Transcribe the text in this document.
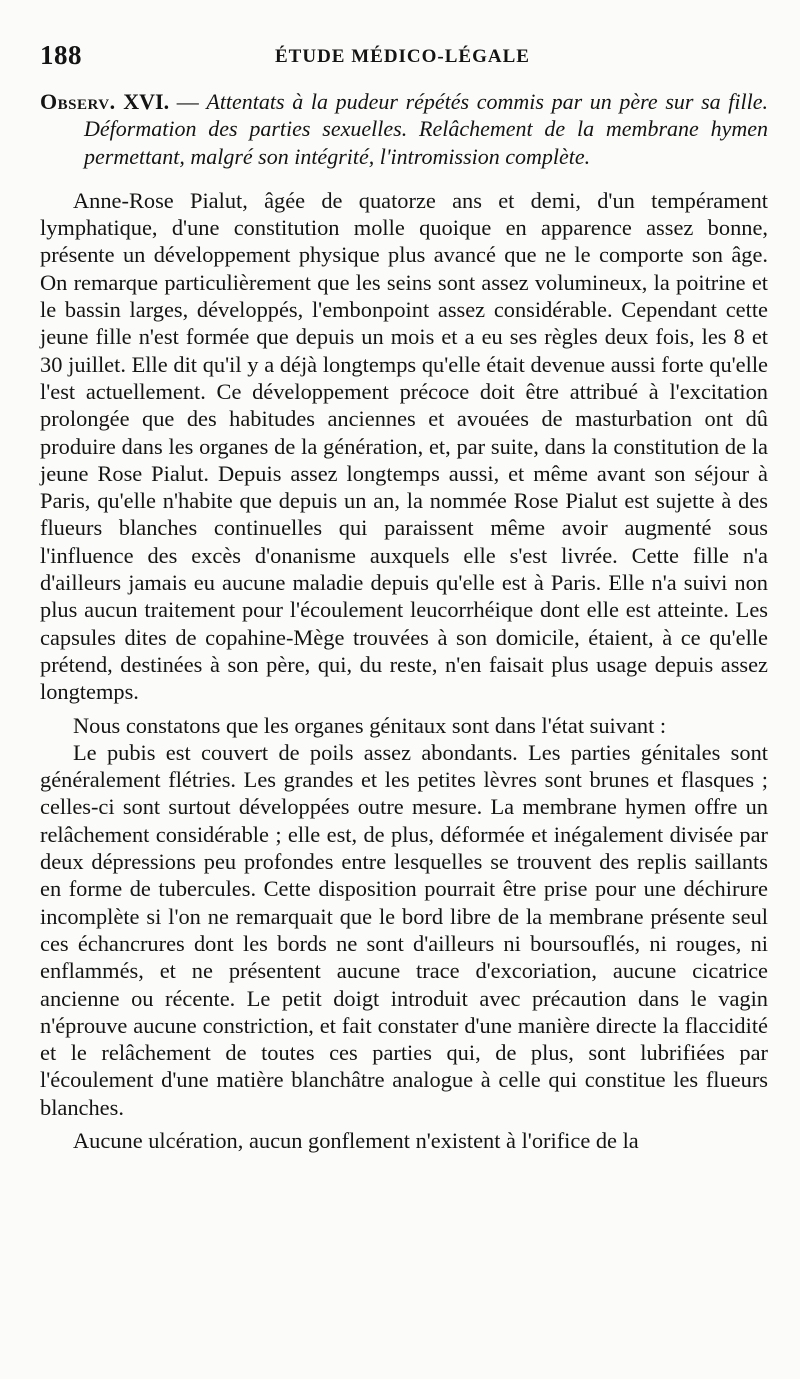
188	ÉTUDE MÉDICO-LÉGALE

Observ. XVI. — Attentats à la pudeur répétés commis par un père sur sa fille. Déformation des parties sexuelles. Relâchement de la membrane hymen permettant, malgré son intégrité, l'intromission complète.

Anne-Rose Pialut, âgée de quatorze ans et demi, d'un tempérament lymphatique, d'une constitution molle quoique en apparence assez bonne, présente un développement physique plus avancé que ne le comporte son âge. On remarque particulièrement que les seins sont assez volumineux, la poitrine et le bassin larges, développés, l'embonpoint assez considérable. Cependant cette jeune fille n'est formée que depuis un mois et a eu ses règles deux fois, les 8 et 30 juillet. Elle dit qu'il y a déjà longtemps qu'elle était devenue aussi forte qu'elle l'est actuellement. Ce développement précoce doit être attribué à l'excitation prolongée que des habitudes anciennes et avouées de masturbation ont dû produire dans les organes de la génération, et, par suite, dans la constitution de la jeune Rose Pialut. Depuis assez longtemps aussi, et même avant son séjour à Paris, qu'elle n'habite que depuis un an, la nommée Rose Pialut est sujette à des flueurs blanches continuelles qui paraissent même avoir augmenté sous l'influence des excès d'onanisme auxquels elle s'est livrée. Cette fille n'a d'ailleurs jamais eu aucune maladie depuis qu'elle est à Paris. Elle n'a suivi non plus aucun traitement pour l'écoulement leucorrhéique dont elle est atteinte. Les capsules dites de copahine-Mège trouvées à son domicile, étaient, à ce qu'elle prétend, destinées à son père, qui, du reste, n'en faisait plus usage depuis assez longtemps.

Nous constatons que les organes génitaux sont dans l'état suivant :

Le pubis est couvert de poils assez abondants. Les parties génitales sont généralement flétries. Les grandes et les petites lèvres sont brunes et flasques ; celles-ci sont surtout développées outre mesure. La membrane hymen offre un relâchement considérable ; elle est, de plus, déformée et inégalement divisée par deux dépressions peu profondes entre lesquelles se trouvent des replis saillants en forme de tubercules. Cette disposition pourrait être prise pour une déchirure incomplète si l'on ne remarquait que le bord libre de la membrane présente seul ces échancrures dont les bords ne sont d'ailleurs ni boursouflés, ni rouges, ni enflammés, et ne présentent aucune trace d'excoriation, aucune cicatrice ancienne ou récente. Le petit doigt introduit avec précaution dans le vagin n'éprouve aucune constriction, et fait constater d'une manière directe la flaccidité et le relâchement de toutes ces parties qui, de plus, sont lubrifiées par l'écoulement d'une matière blanchâtre analogue à celle qui constitue les flueurs blanches.

Aucune ulcération, aucun gonflement n'existent à l'orifice de la
